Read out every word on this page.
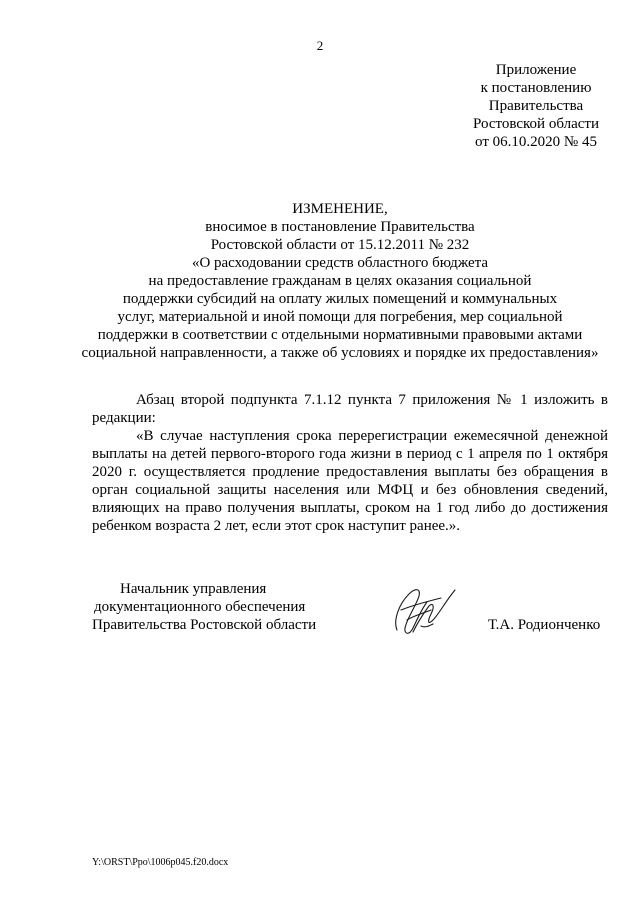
2
Приложение
к постановлению
Правительства
Ростовской области
от 06.10.2020 № 45
ИЗМЕНЕНИЕ,
вносимое в постановление Правительства
Ростовской области от 15.12.2011 № 232
«О расходовании средств областного бюджета
на предоставление гражданам в целях оказания социальной
поддержки субсидий на оплату жилых помещений и коммунальных
услуг, материальной и иной помощи для погребения, мер социальной
поддержки в соответствии с отдельными нормативными правовыми актами
социальной направленности, а также об условиях и порядке их предоставления»

Абзац второй подпункта 7.1.12 пункта 7 приложения № 1 изложить в редакции:

«В случае наступления срока перерегистрации ежемесячной денежной выплаты на детей первого-второго года жизни в период с 1 апреля по 1 октября 2020 г. осуществляется продление предоставления выплаты без обращения в орган социальной защиты населения или МФЦ и без обновления сведений, влияющих на право получения выплаты, сроком на 1 год либо до достижения ребенком возраста 2 лет, если этот срок наступит ранее.».

Начальник управления
документационного обеспечения
Правительства Ростовской области	Т.А. Родионченко
Y:\ORST\Ppo\1006p045.f20.docx
